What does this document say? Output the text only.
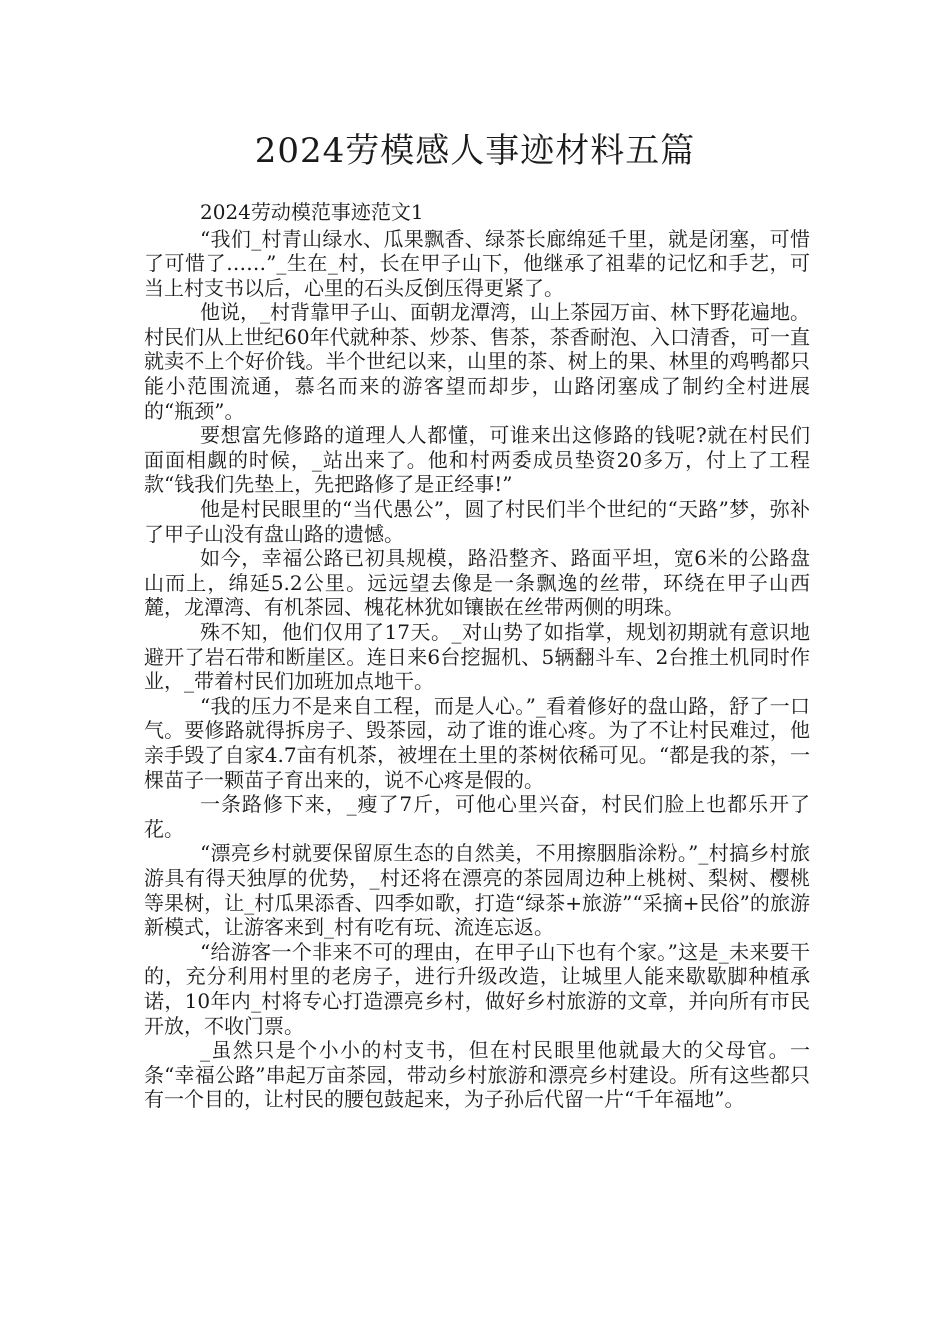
2024劳模感人事迹材料五篇

2024劳动模范事迹范文1

“我们_村青山绿水、瓜果飘香、绿茶长廊绵延千里，就是闭塞，可惜了可惜了……”_生在_村，长在甲子山下，他继承了祖辈的记忆和手艺，可当上村支书以后，心里的石头反倒压得更紧了。

他说，_村背靠甲子山、面朝龙潭湾，山上茶园万亩、林下野花遍地。村民们从上世纪60年代就种茶、炒茶、售茶，茶香耐泡、入口清香，可一直就卖不上个好价钱。半个世纪以来，山里的茶、树上的果、林里的鸡鸭都只能小范围流通，慕名而来的游客望而却步，山路闭塞成了制约全村进展的“瓶颈”。

要想富先修路的道理人人都懂，可谁来出这修路的钱呢?就在村民们面面相觑的时候，_站出来了。他和村两委成员垫资20多万，付上了工程款“钱我们先垫上，先把路修了是正经事!”

他是村民眼里的“当代愚公”，圆了村民们半个世纪的“天路”梦，弥补了甲子山没有盘山路的遗憾。

如今，幸福公路已初具规模，路沿整齐、路面平坦，宽6米的公路盘山而上，绵延5.2公里。远远望去像是一条飘逸的丝带，环绕在甲子山西麓，龙潭湾、有机茶园、槐花林犹如镶嵌在丝带两侧的明珠。

殊不知，他们仅用了17天。_对山势了如指掌，规划初期就有意识地避开了岩石带和断崖区。连日来6台挖掘机、5辆翻斗车、2台推土机同时作业，_带着村民们加班加点地干。

“我的压力不是来自工程，而是人心。”_看着修好的盘山路，舒了一口气。要修路就得拆房子、毁茶园，动了谁的谁心疼。为了不让村民难过，他亲手毁了自家4.7亩有机茶，被埋在土里的茶树依稀可见。“都是我的茶，一棵苗子一颗苗子育出来的，说不心疼是假的。

一条路修下来，_瘦了7斤，可他心里兴奋，村民们脸上也都乐开了花。

“漂亮乡村就要保留原生态的自然美，不用擦胭脂涂粉。”_村搞乡村旅游具有得天独厚的优势，_村还将在漂亮的茶园周边种上桃树、梨树、樱桃等果树，让_村瓜果添香、四季如歌，打造“绿茶+旅游”“采摘+民俗”的旅游新模式，让游客来到_村有吃有玩、流连忘返。

“给游客一个非来不可的理由，在甲子山下也有个家。”这是_未来要干的，充分利用村里的老房子，进行升级改造，让城里人能来歇歇脚种植承诺，10年内_村将专心打造漂亮乡村，做好乡村旅游的文章，并向所有市民开放，不收门票。

_虽然只是个小小的村支书，但在村民眼里他就最大的父母官。一条“幸福公路”串起万亩茶园，带动乡村旅游和漂亮乡村建设。所有这些都只有一个目的，让村民的腰包鼓起来，为子孙后代留一片“千年福地”。
